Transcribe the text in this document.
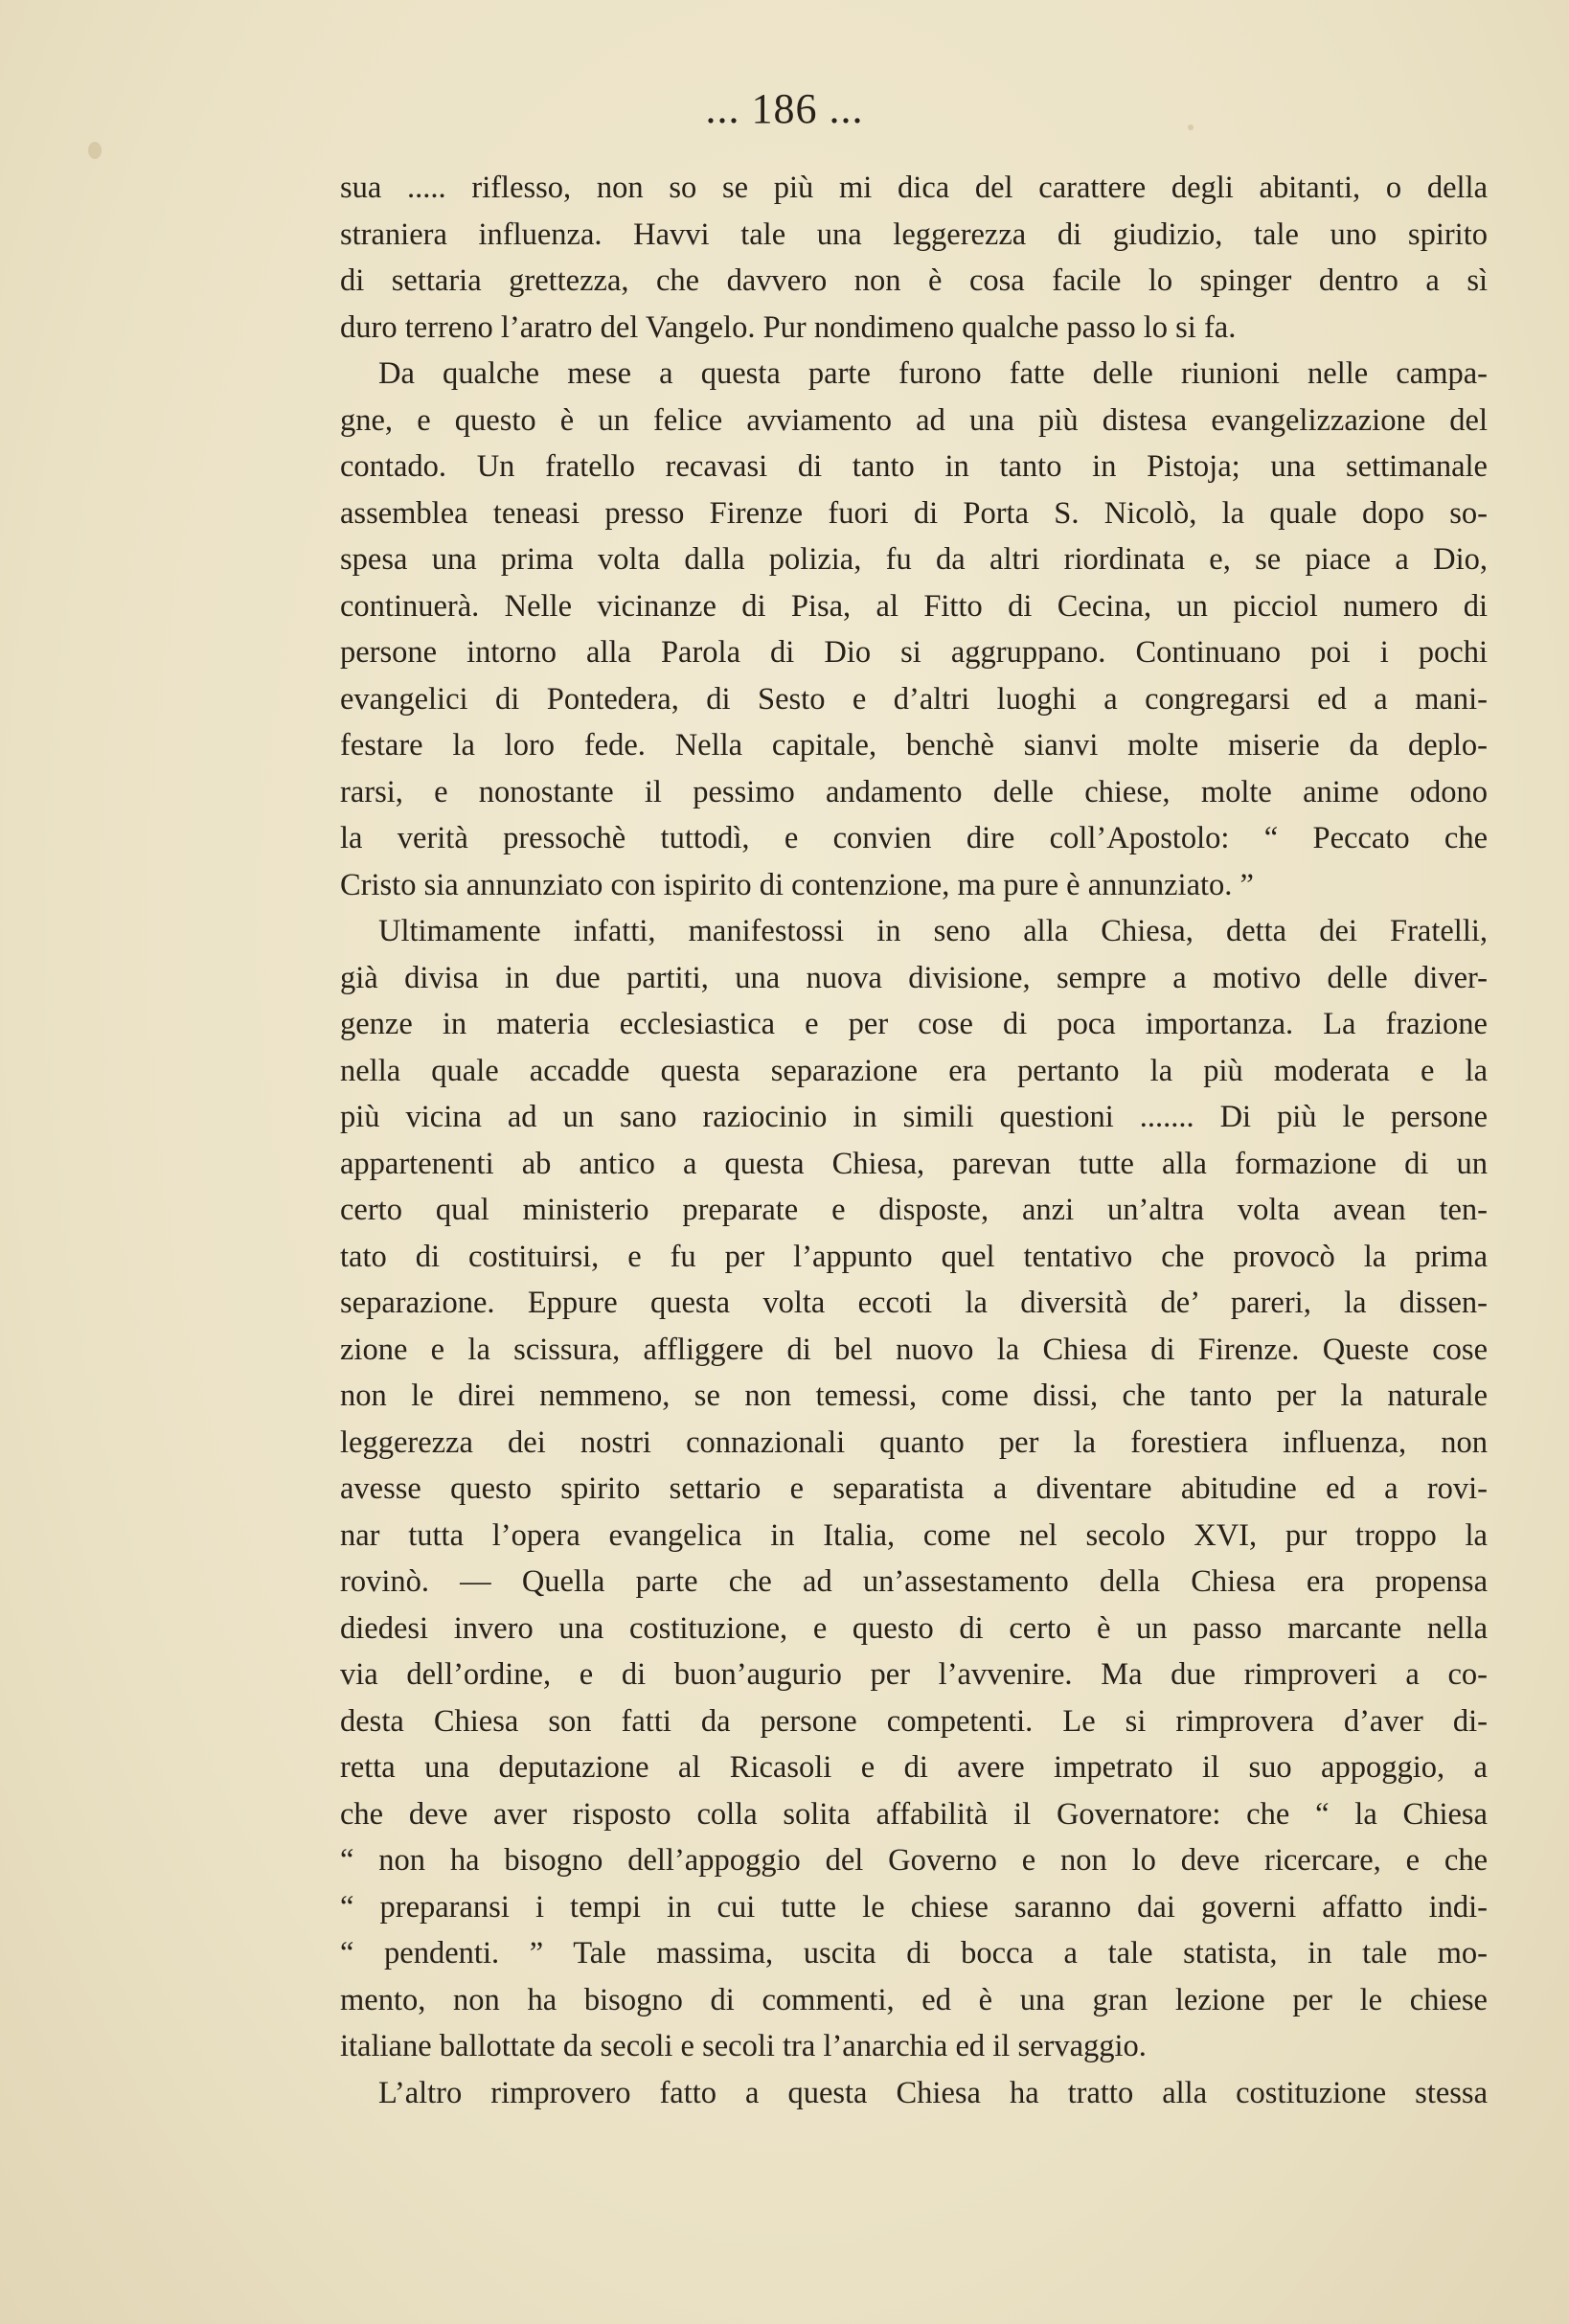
... 186 ...
sua ..... riflesso, non so se più mi dica del carattere degli abitanti, o della
straniera influenza. Havvi tale una leggerezza di giudizio, tale uno spirito
di settaria grettezza, che davvero non è cosa facile lo spinger dentro a sì
duro terreno l’aratro del Vangelo. Pur nondimeno qualche passo lo si fa.
Da qualche mese a questa parte furono fatte delle riunioni nelle campa-
gne, e questo è un felice avviamento ad una più distesa evangelizzazione del
contado. Un fratello recavasi di tanto in tanto in Pistoja; una settimanale
assemblea teneasi presso Firenze fuori di Porta S. Nicolò, la quale dopo so-
spesa una prima volta dalla polizia, fu da altri riordinata e, se piace a Dio,
continuerà. Nelle vicinanze di Pisa, al Fitto di Cecina, un picciol numero di
persone intorno alla Parola di Dio si aggruppano. Continuano poi i pochi
evangelici di Pontedera, di Sesto e d’altri luoghi a congregarsi ed a mani-
festare la loro fede. Nella capitale, benchè sianvi molte miserie da deplo-
rarsi, e nonostante il pessimo andamento delle chiese, molte anime odono
la verità pressochè tuttodì, e convien dire coll’Apostolo: “ Peccato che
Cristo sia annunziato con ispirito di contenzione, ma pure è annunziato. ”
Ultimamente infatti, manifestossi in seno alla Chiesa, detta dei Fratelli,
già divisa in due partiti, una nuova divisione, sempre a motivo delle diver-
genze in materia ecclesiastica e per cose di poca importanza. La frazione
nella quale accadde questa separazione era pertanto la più moderata e la
più vicina ad un sano raziocinio in simili questioni ....... Di più le persone
appartenenti ab antico a questa Chiesa, parevan tutte alla formazione di un
certo qual ministerio preparate e disposte, anzi un’altra volta avean ten-
tato di costituirsi, e fu per l’appunto quel tentativo che provocò la prima
separazione. Eppure questa volta eccoti la diversità de’ pareri, la dissen-
zione e la scissura, affliggere di bel nuovo la Chiesa di Firenze. Queste cose
non le direi nemmeno, se non temessi, come dissi, che tanto per la naturale
leggerezza dei nostri connazionali quanto per la forestiera influenza, non
avesse questo spirito settario e separatista a diventare abitudine ed a rovi-
nar tutta l’opera evangelica in Italia, come nel secolo XVI, pur troppo la
rovinò. — Quella parte che ad un’assestamento della Chiesa era propensa
diedesi invero una costituzione, e questo di certo è un passo marcante nella
via dell’ordine, e di buon’augurio per l’avvenire. Ma due rimproveri a co-
desta Chiesa son fatti da persone competenti. Le si rimprovera d’aver di-
retta una deputazione al Ricasoli e di avere impetrato il suo appoggio, a
che deve aver risposto colla solita affabilità il Governatore: che “ la Chiesa
“ non ha bisogno dell’appoggio del Governo e non lo deve ricercare, e che
“ preparansi i tempi in cui tutte le chiese saranno dai governi affatto indi-
“ pendenti. ” Tale massima, uscita di bocca a tale statista, in tale mo-
mento, non ha bisogno di commenti, ed è una gran lezione per le chiese
italiane ballottate da secoli e secoli tra l’anarchia ed il servaggio.
L’altro rimprovero fatto a questa Chiesa ha tratto alla costituzione stessa
